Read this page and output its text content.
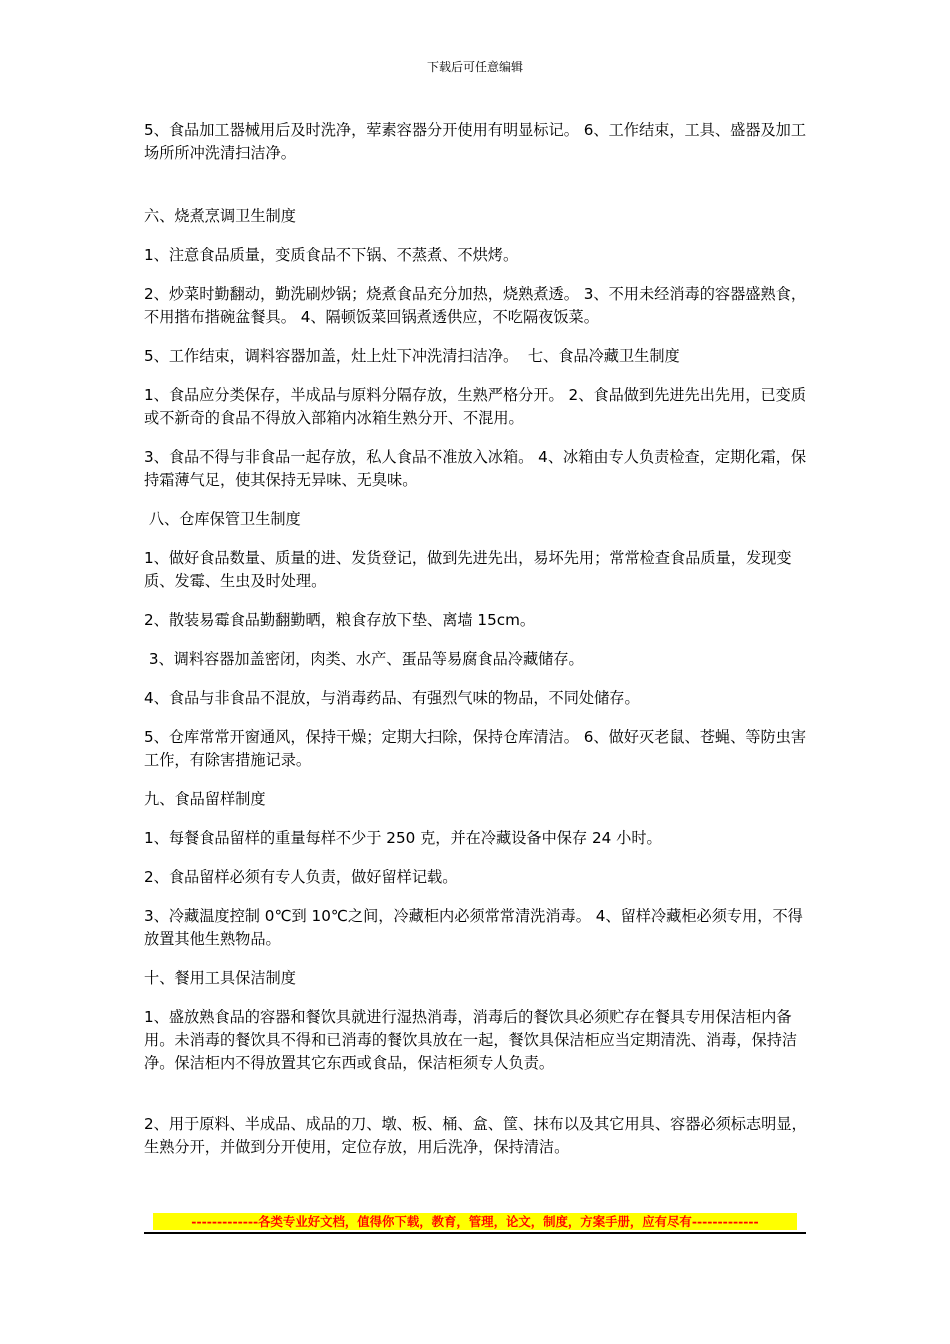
下载后可任意编辑

5、食品加工器械用后及时洗净，荤素容器分开使用有明显标记。 6、工作结束，工具、盛器及加工场所所冲洗清扫洁净。

六、烧煮烹调卫生制度

1、注意食品质量，变质食品不下锅、不蒸煮、不烘烤。

2、炒菜时勤翻动，勤洗刷炒锅；烧煮食品充分加热，烧熟煮透。 3、不用未经消毒的容器盛熟食，不用揩布揩碗盆餐具。 4、隔顿饭菜回锅煮透供应，不吃隔夜饭菜。

5、工作结束，调料容器加盖，灶上灶下冲洗清扫洁净。  七、食品冷藏卫生制度

1、食品应分类保存，半成品与原料分隔存放，生熟严格分开。 2、食品做到先进先出先用，已变质或不新奇的食品不得放入部箱内冰箱生熟分开、不混用。

3、食品不得与非食品一起存放，私人食品不准放入冰箱。 4、冰箱由专人负责检查，定期化霜，保持霜薄气足，使其保持无异味、无臭味。

八、仓库保管卫生制度

1、做好食品数量、质量的进、发货登记，做到先进先出，易坏先用；常常检查食品质量，发现变质、发霉、生虫及时处理。

2、散装易霉食品勤翻勤晒，粮食存放下垫、离墙 15cm。

3、调料容器加盖密闭，肉类、水产、蛋品等易腐食品冷藏储存。

4、食品与非食品不混放，与消毒药品、有强烈气味的物品，不同处储存。

5、仓库常常开窗通风，保持干燥；定期大扫除，保持仓库清洁。 6、做好灭老鼠、苍蝇、等防虫害工作，有除害措施记录。

九、食品留样制度

1、每餐食品留样的重量每样不少于 250 克，并在冷藏设备中保存 24 小时。

2、食品留样必须有专人负责，做好留样记载。

3、冷藏温度控制 0℃到 10℃之间，冷藏柜内必须常常清洗消毒。 4、留样冷藏柜必须专用，不得放置其他生熟物品。

十、餐用工具保洁制度

1、盛放熟食品的容器和餐饮具就进行湿热消毒，消毒后的餐饮具必须贮存在餐具专用保洁柜内备用。未消毒的餐饮具不得和已消毒的餐饮具放在一起，餐饮具保洁柜应当定期清洗、消毒，保持洁净。保洁柜内不得放置其它东西或食品，保洁柜须专人负责。

2、用于原料、半成品、成品的刀、墩、板、桶、盒、筐、抹布以及其它用具、容器必须标志明显，生熟分开，并做到分开使用，定位存放，用后洗净，保持清洁。

-------------各类专业好文档，值得你下载，教育，管理，论文，制度，方案手册，应有尽有-------------
